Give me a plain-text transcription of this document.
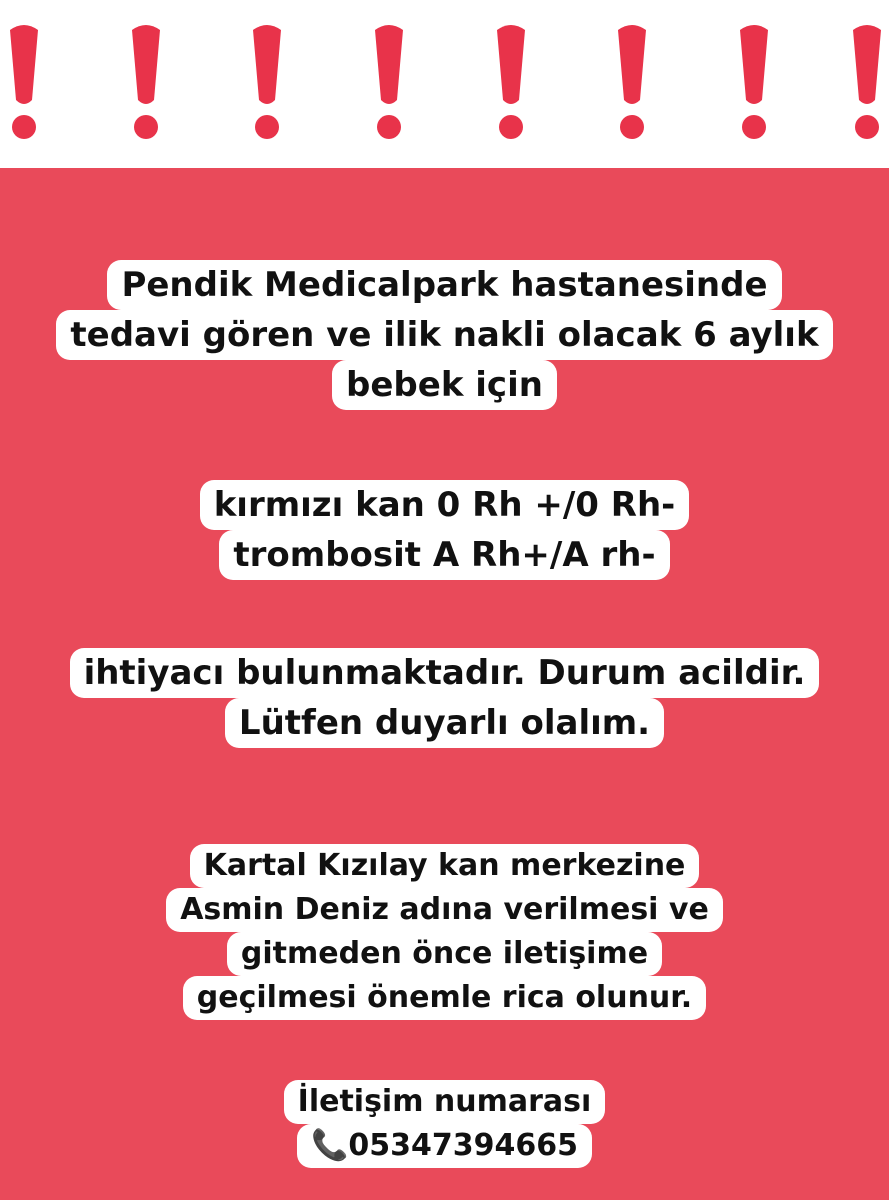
Pendik Medicalpark hastanesinde
tedavi gören ve ilik nakli olacak 6 aylık
bebek için
kırmızı kan 0 Rh +/0 Rh-
trombosit A Rh+/A rh-
ihtiyacı bulunmaktadır. Durum acildir.
Lütfen duyarlı olalım.
Kartal Kızılay kan merkezine
Asmin Deniz adına verilmesi ve
gitmeden önce iletişime
geçilmesi önemle rica olunur.
İletişim numarası
📞05347394665
